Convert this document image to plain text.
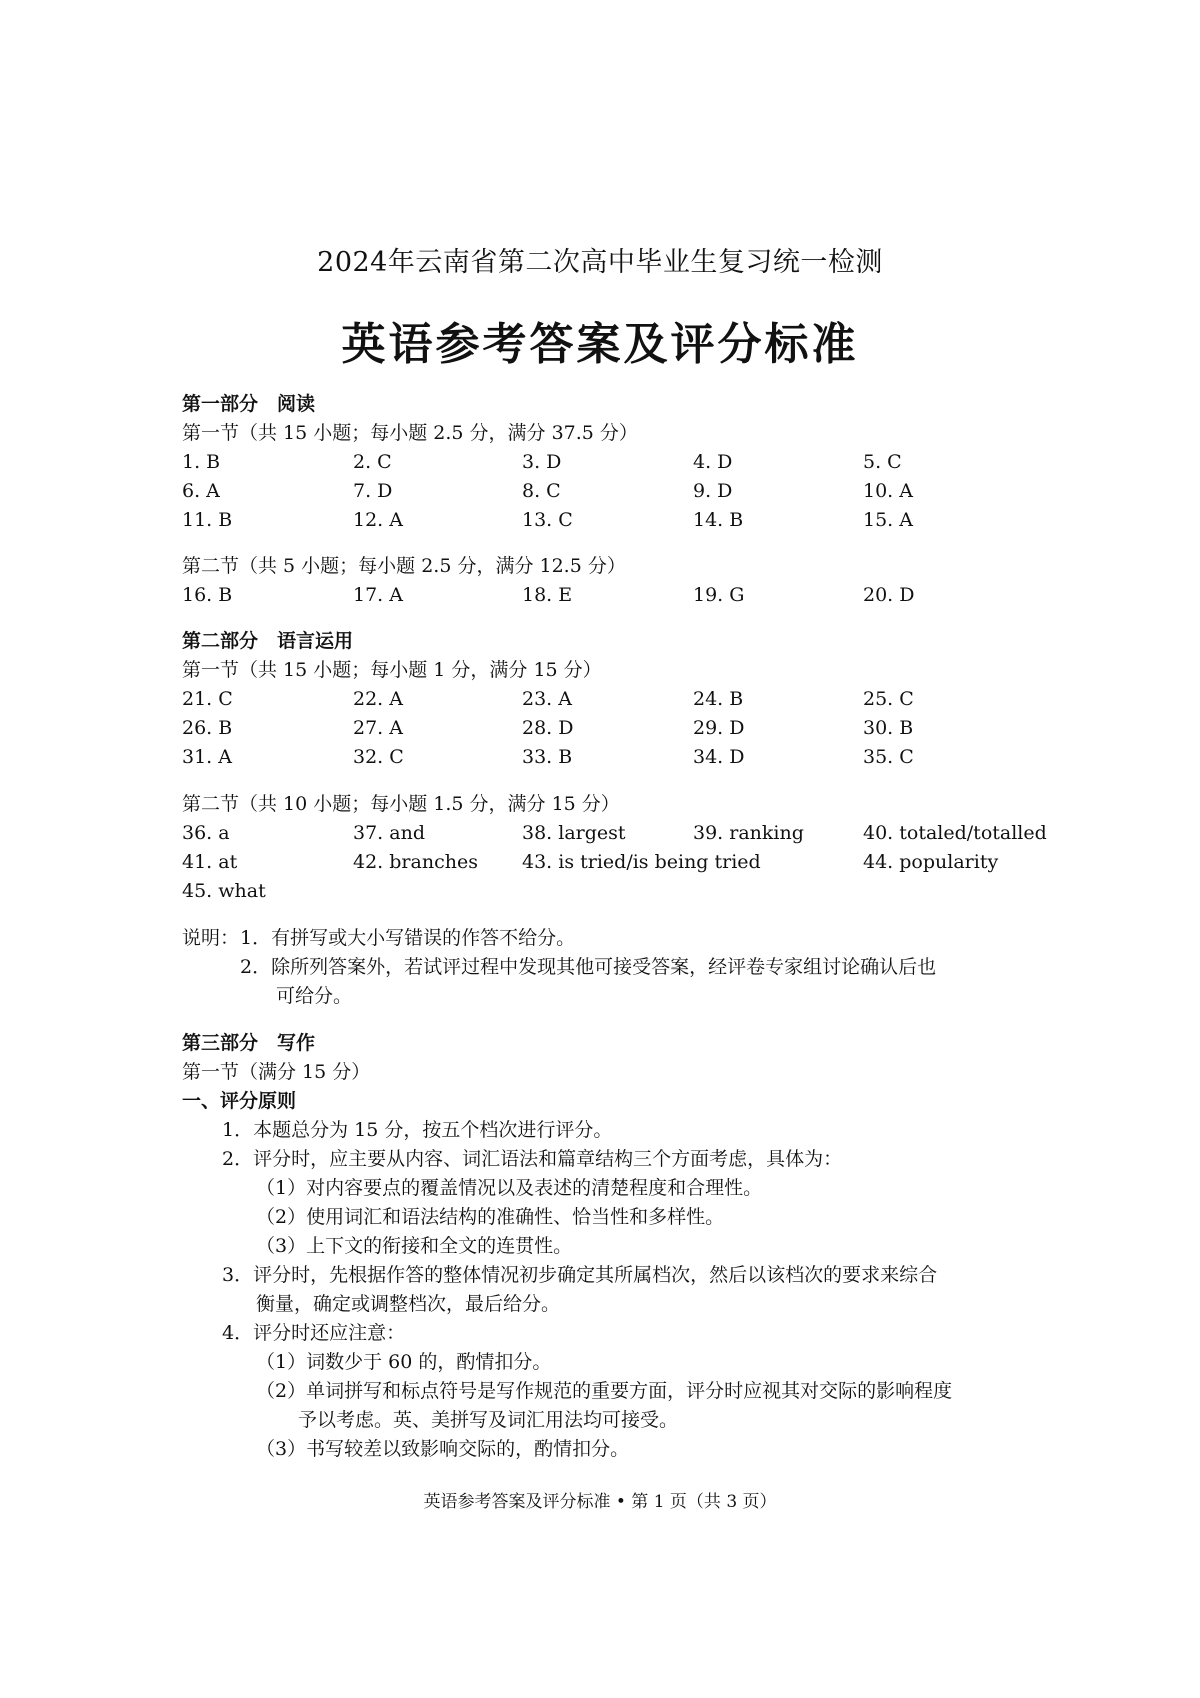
2024年云南省第二次高中毕业生复习统一检测
英语参考答案及评分标准
第一部分　阅读
第一节（共 15 小题；每小题 2.5 分，满分 37.5 分）
1. B	2. C	3. D	4. D	5. C
6. A	7. D	8. C	9. D	10. A
11. B	12. A	13. C	14. B	15. A
第二节（共 5 小题；每小题 2.5 分，满分 12.5 分）
16. B	17. A	18. E	19. G	20. D
第二部分　语言运用
第一节（共 15 小题；每小题 1 分，满分 15 分）
21. C	22. A	23. A	24. B	25. C
26. B	27. A	28. D	29. D	30. B
31. A	32. C	33. B	34. D	35. C
第二节（共 10 小题；每小题 1.5 分，满分 15 分）
36. a	37. and	38. largest	39. ranking	40. totaled/totalled
41. at	42. branches 43. is tried/is being tried	44. popularity
45. what
说明： 1．有拼写或大小写错误的作答不给分。
2．除所列答案外，若试评过程中发现其他可接受答案，经评卷专家组讨论确认后也
可给分。
第三部分　写作
第一节（满分 15 分）
一、评分原则
1．本题总分为 15 分，按五个档次进行评分。
2．评分时，应主要从内容、词汇语法和篇章结构三个方面考虑，具体为：
（1）对内容要点的覆盖情况以及表述的清楚程度和合理性。
（2）使用词汇和语法结构的准确性、恰当性和多样性。
（3）上下文的衔接和全文的连贯性。
3．评分时，先根据作答的整体情况初步确定其所属档次，然后以该档次的要求来综合
衡量，确定或调整档次，最后给分。
4．评分时还应注意：
（1）词数少于 60 的，酌情扣分。
（2）单词拼写和标点符号是写作规范的重要方面，评分时应视其对交际的影响程度
予以考虑。英、美拼写及词汇用法均可接受。
（3）书写较差以致影响交际的，酌情扣分。
英语参考答案及评分标准 • 第 1 页（共 3 页）
